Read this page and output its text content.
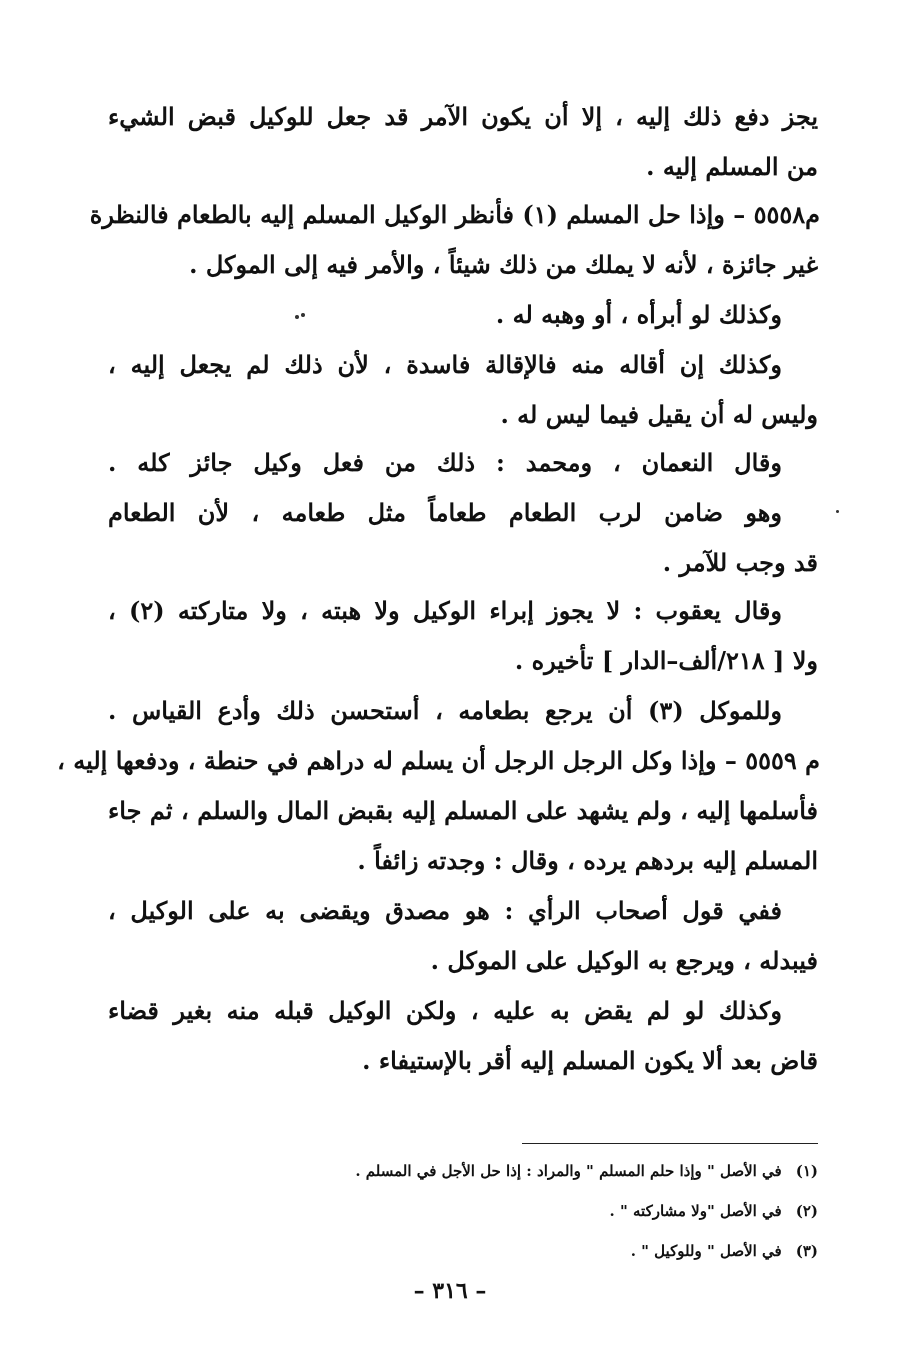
يجز دفع ذلك إليه ، إلا أن يكون الآمر قد جعل للوكيل قبض الشيء
من المسلم إليه .
م٥٥٥٨ – وإذا حل المسلم (١) فأنظر الوكيل المسلم إليه بالطعام فالنظرة
غير جائزة ، لأنه لا يملك من ذلك شيئاً ، والأمر فيه إلى الموكل .
وكذلك لو أبرأه ، أو وهبه له .
وكذلك إن أقاله منه فالإقالة فاسدة ، لأن ذلك لم يجعل إليه ،
وليس له أن يقيل فيما ليس له .
وقال النعمان ، ومحمد : ذلك من فعل وكيل جائز كله .
وهو ضامن لرب الطعام طعاماً مثل طعامه ، لأن الطعام
قد وجب للآمر .
وقال يعقوب : لا يجوز إبراء الوكيل ولا هبته ، ولا متاركته (٢) ،
ولا [ ٢١٨/ألف–الدار ] تأخيره .
وللموكل (٣) أن يرجع بطعامه ، أستحسن ذلك وأدع القياس .
م ٥٥٥٩ – وإذا وكل الرجل الرجل أن يسلم له دراهم في حنطة ، ودفعها إليه ،
فأسلمها إليه ، ولم يشهد على المسلم إليه بقبض المال والسلم ، ثم جاء
المسلم إليه بردهم يرده ، وقال : وجدته زائفاً .
ففي قول أصحاب الرأي : هو مصدق ويقضى به على الوكيل ،
فيبدله ، ويرجع به الوكيل على الموكل .
وكذلك لو لم يقض به عليه ، ولكن الوكيل قبله منه بغير قضاء
قاض بعد ألا يكون المسلم إليه أقر بالإستيفاء .
(١)في الأصل " وإذا حلم المسلم " والمراد : إذا حل الأجل في المسلم .
(٢)في الأصل "ولا مشاركته " .
(٣)في الأصل " وللوكيل " .
– ٣١٦ –
